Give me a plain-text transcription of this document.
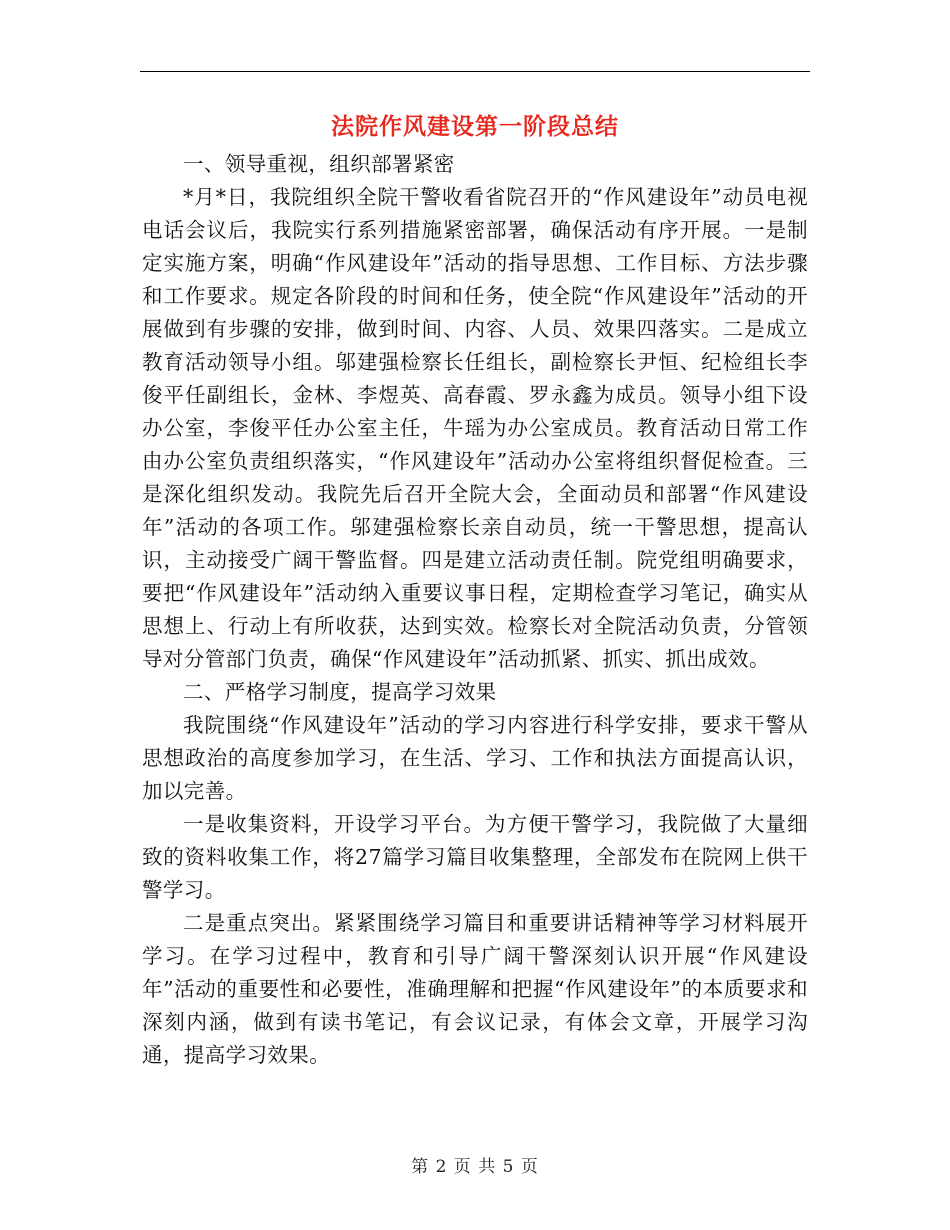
法院作风建设第一阶段总结

一、领导重视，组织部署紧密

*月*日，我院组织全院干警收看省院召开的“作风建设年”动员电视电话会议后，我院实行系列措施紧密部署，确保活动有序开展。一是制定实施方案，明确“作风建设年”活动的指导思想、工作目标、方法步骤和工作要求。规定各阶段的时间和任务，使全院“作风建设年”活动的开展做到有步骤的安排，做到时间、内容、人员、效果四落实。二是成立教育活动领导小组。邬建强检察长任组长，副检察长尹恒、纪检组长李俊平任副组长，金林、李煜英、高春霞、罗永鑫为成员。领导小组下设办公室，李俊平任办公室主任，牛瑶为办公室成员。教育活动日常工作由办公室负责组织落实，“作风建设年”活动办公室将组织督促检查。三是深化组织发动。我院先后召开全院大会，全面动员和部署“作风建设年”活动的各项工作。邬建强检察长亲自动员，统一干警思想，提高认识，主动接受广阔干警监督。四是建立活动责任制。院党组明确要求，要把“作风建设年”活动纳入重要议事日程，定期检查学习笔记，确实从思想上、行动上有所收获，达到实效。检察长对全院活动负责，分管领导对分管部门负责，确保“作风建设年”活动抓紧、抓实、抓出成效。

二、严格学习制度，提高学习效果

我院围绕“作风建设年”活动的学习内容进行科学安排，要求干警从思想政治的高度参加学习，在生活、学习、工作和执法方面提高认识，加以完善。

一是收集资料，开设学习平台。为方便干警学习，我院做了大量细致的资料收集工作，将27篇学习篇目收集整理，全部发布在院网上供干警学习。

二是重点突出。紧紧围绕学习篇目和重要讲话精神等学习材料展开学习。在学习过程中，教育和引导广阔干警深刻认识开展“作风建设年”活动的重要性和必要性，准确理解和把握“作风建设年”的本质要求和深刻内涵，做到有读书笔记，有会议记录，有体会文章，开展学习沟通，提高学习效果。

第 2 页 共 5 页
